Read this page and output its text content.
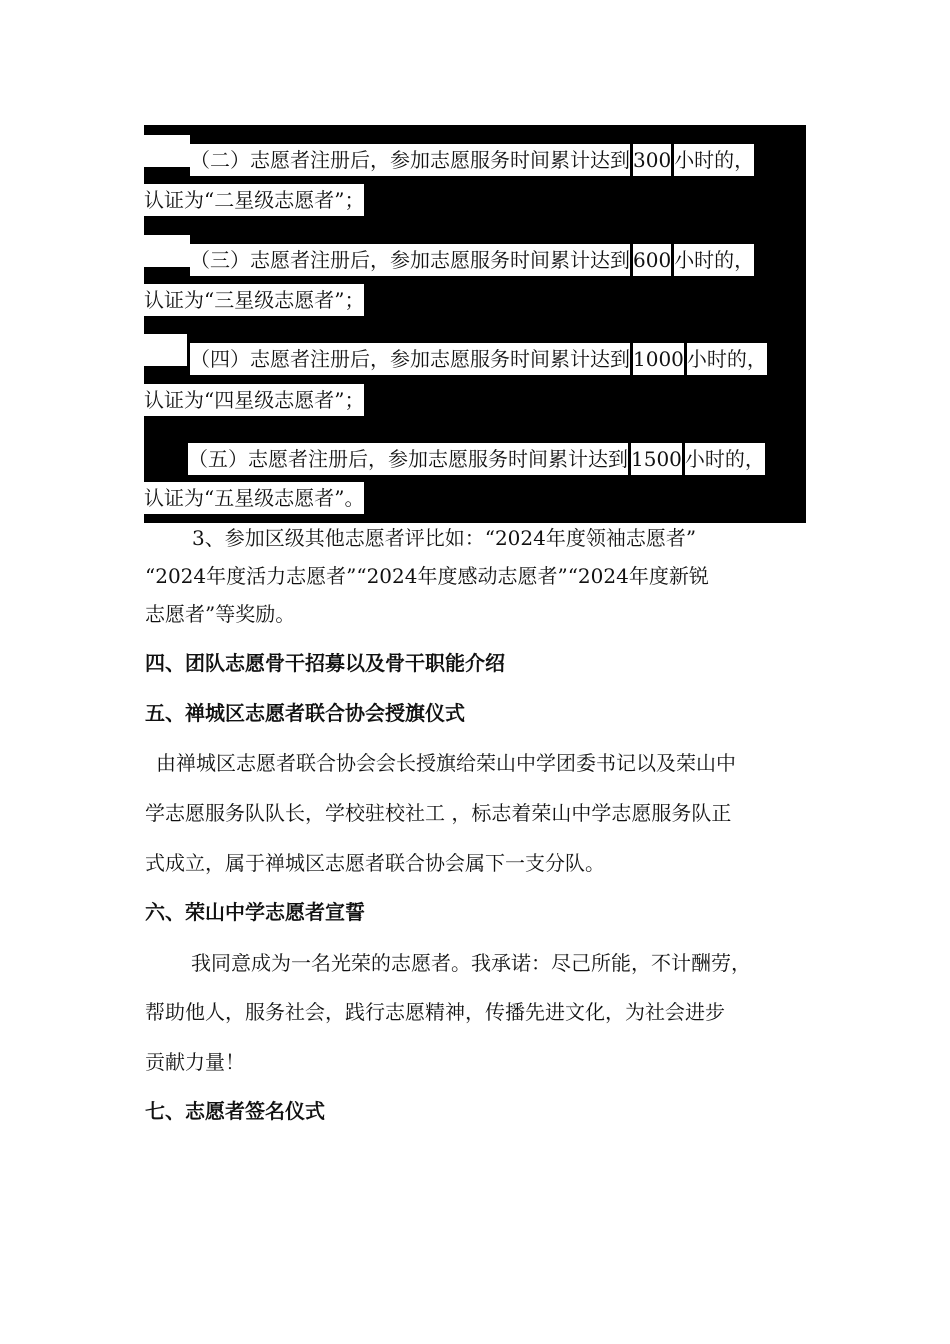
（二）志愿者注册后，参加志愿服务时间累计达到 300 小时的，
认证为“二星级志愿者”；
（三）志愿者注册后，参加志愿服务时间累计达到 600 小时的，
认证为“三星级志愿者”；
（四）志愿者注册后，参加志愿服务时间累计达到 1000 小时的，
认证为“四星级志愿者”；
（五）志愿者注册后，参加志愿服务时间累计达到 1500 小时的，
认证为“五星级志愿者”。
3、参加区级其他志愿者评比如：“2024年度领袖志愿者”
“2024年度活力志愿者”“2024年度感动志愿者”“2024年度新锐
志愿者”等奖励。
四、团队志愿骨干招募以及骨干职能介绍
五、禅城区志愿者联合协会授旗仪式
由禅城区志愿者联合协会会长授旗给荣山中学团委书记以及荣山中
学志愿服务队队长，学校驻校社工 ，标志着荣山中学志愿服务队正
式成立，属于禅城区志愿者联合协会属下一支分队。
六、荣山中学志愿者宣誓
我同意成为一名光荣的志愿者。我承诺：尽己所能，不计酬劳，
帮助他人，服务社会，践行志愿精神，传播先进文化，为社会进步
贡献力量！
七、志愿者签名仪式
